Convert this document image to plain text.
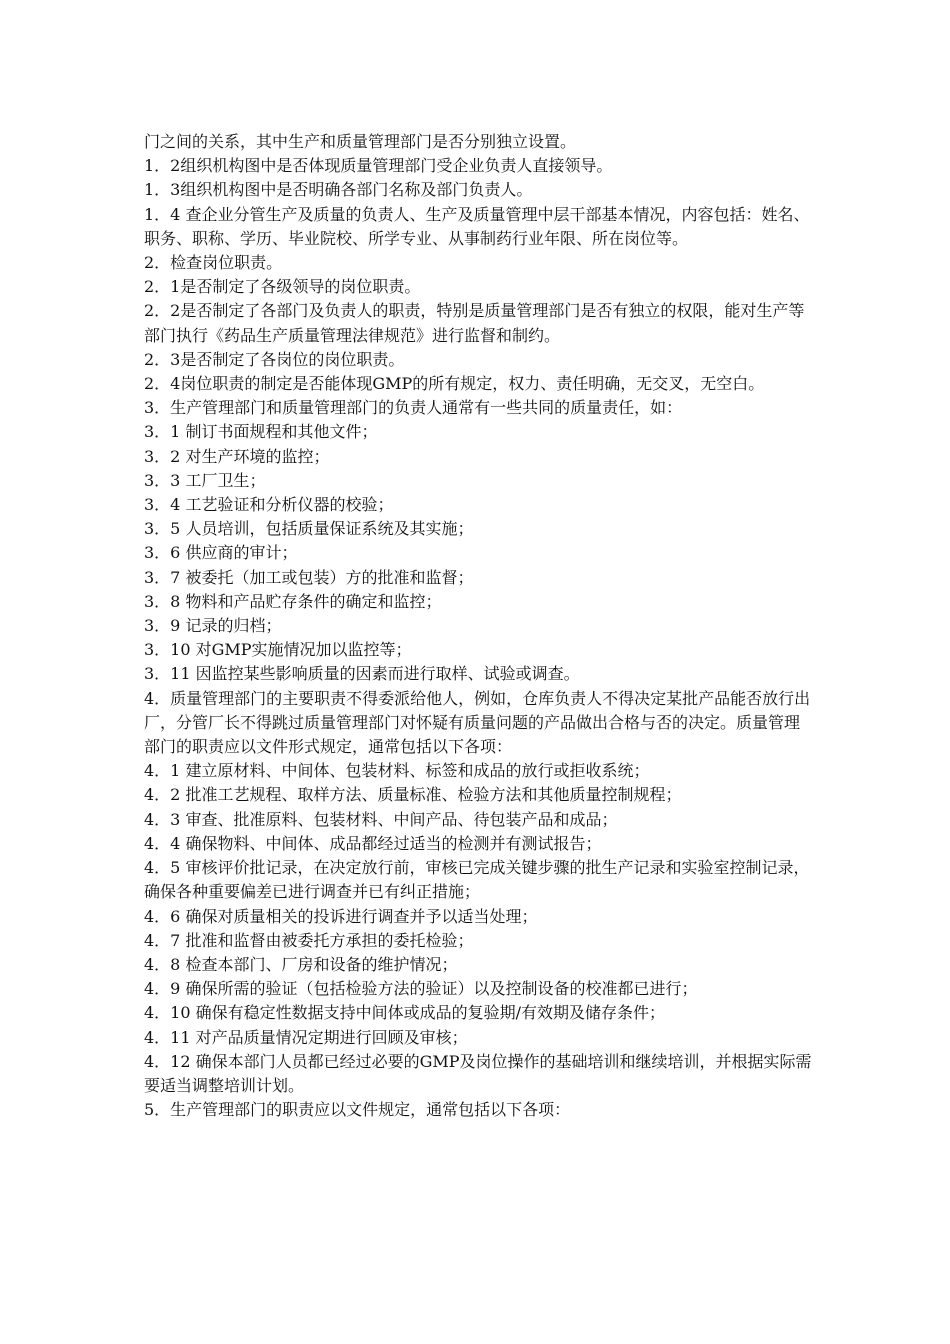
门之间的关系，其中生产和质量管理部门是否分别独立设置。

1．2组织机构图中是否体现质量管理部门受企业负责人直接领导。

1．3组织机构图中是否明确各部门名称及部门负责人。

1．4 查企业分管生产及质量的负责人、生产及质量管理中层干部基本情况，内容包括：姓名、职务、职称、学历、毕业院校、所学专业、从事制药行业年限、所在岗位等。

2．检查岗位职责。

2．1是否制定了各级领导的岗位职责。

2．2是否制定了各部门及负责人的职责，特别是质量管理部门是否有独立的权限，能对生产等部门执行《药品生产质量管理法律规范》进行监督和制约。

2．3是否制定了各岗位的岗位职责。

2．4岗位职责的制定是否能体现GMP的所有规定，权力、责任明确，无交叉，无空白。

3．生产管理部门和质量管理部门的负责人通常有一些共同的质量责任，如：

3．1 制订书面规程和其他文件；

3．2 对生产环境的监控；

3．3 工厂卫生；

3．4 工艺验证和分析仪器的校验；

3．5 人员培训，包括质量保证系统及其实施；

3．6 供应商的审计；

3．7 被委托（加工或包装）方的批准和监督；

3．8 物料和产品贮存条件的确定和监控；

3．9 记录的归档；

3．10 对GMP实施情况加以监控等；

3．11 因监控某些影响质量的因素而进行取样、试验或调查。

4．质量管理部门的主要职责不得委派给他人，例如，仓库负责人不得决定某批产品能否放行出厂，分管厂长不得跳过质量管理部门对怀疑有质量问题的产品做出合格与否的决定。质量管理部门的职责应以文件形式规定，通常包括以下各项：

4．1 建立原材料、中间体、包装材料、标签和成品的放行或拒收系统；

4．2 批准工艺规程、取样方法、质量标准、检验方法和其他质量控制规程；

4．3 审查、批准原料、包装材料、中间产品、待包装产品和成品；

4．4 确保物料、中间体、成品都经过适当的检测并有测试报告；

4．5 审核评价批记录，在决定放行前，审核已完成关键步骤的批生产记录和实验室控制记录，确保各种重要偏差已进行调查并已有纠正措施；

4．6 确保对质量相关的投诉进行调查并予以适当处理；

4．7 批准和监督由被委托方承担的委托检验；

4．8 检查本部门、厂房和设备的维护情况；

4．9 确保所需的验证（包括检验方法的验证）以及控制设备的校准都已进行；

4．10 确保有稳定性数据支持中间体或成品的复验期/有效期及储存条件；

4．11 对产品质量情况定期进行回顾及审核；

4．12 确保本部门人员都已经过必要的GMP及岗位操作的基础培训和继续培训，并根据实际需要适当调整培训计划。

5．生产管理部门的职责应以文件规定，通常包括以下各项：
